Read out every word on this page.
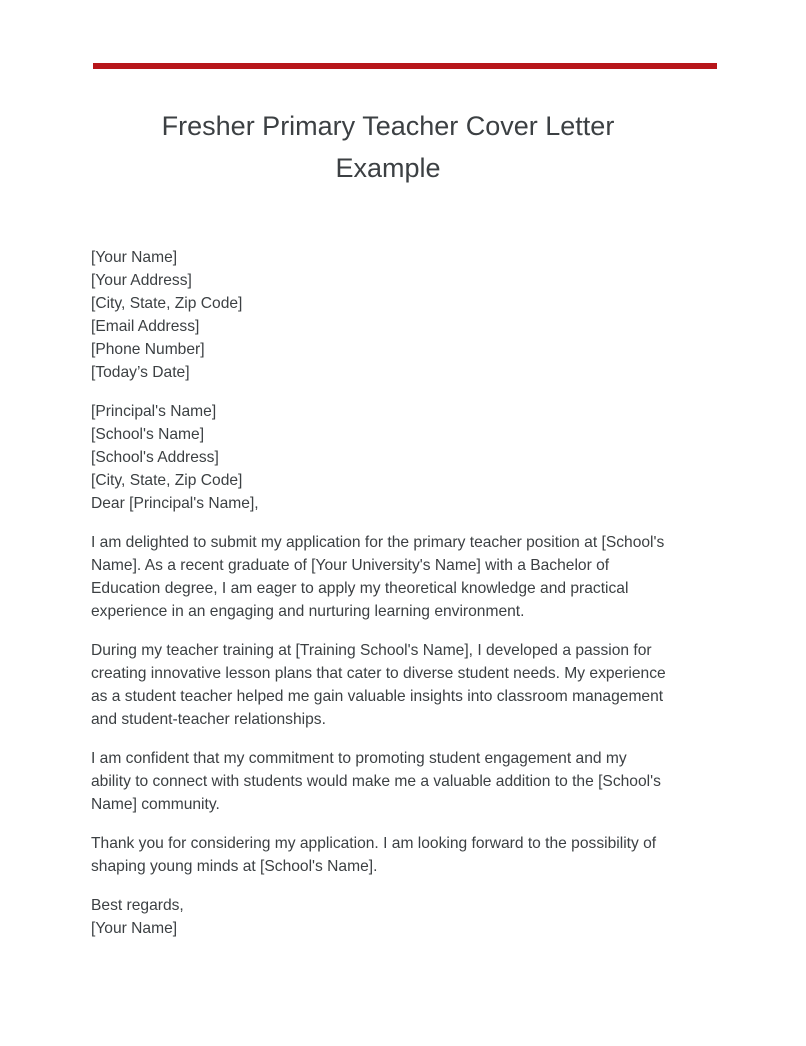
Fresher Primary Teacher Cover Letter
Example
[Your Name]
[Your Address]
[City, State, Zip Code]
[Email Address]
[Phone Number]
[Today’s Date]
[Principal's Name]
[School's Name]
[School's Address]
[City, State, Zip Code]
Dear [Principal's Name],
I am delighted to submit my application for the primary teacher position at [School's
Name]. As a recent graduate of [Your University's Name] with a Bachelor of
Education degree, I am eager to apply my theoretical knowledge and practical
experience in an engaging and nurturing learning environment.
During my teacher training at [Training School's Name], I developed a passion for
creating innovative lesson plans that cater to diverse student needs. My experience
as a student teacher helped me gain valuable insights into classroom management
and student-teacher relationships.
I am confident that my commitment to promoting student engagement and my
ability to connect with students would make me a valuable addition to the [School's
Name] community.
Thank you for considering my application. I am looking forward to the possibility of
shaping young minds at [School's Name].
Best regards,
[Your Name]
